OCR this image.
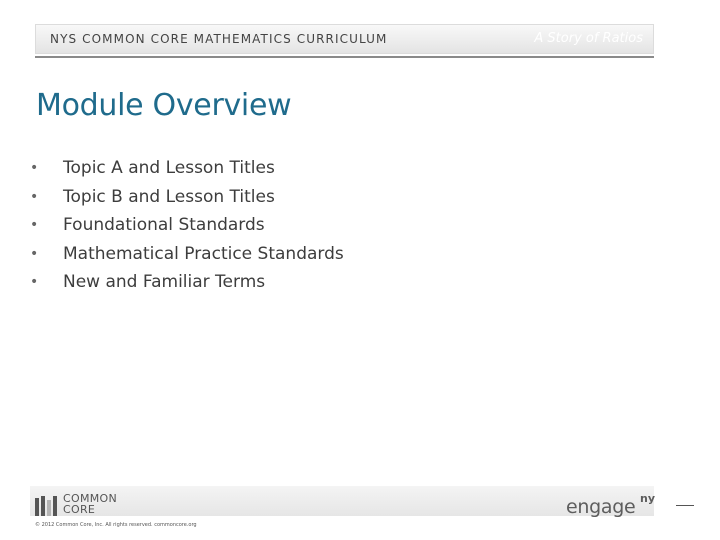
NYS COMMON CORE MATHEMATICS CURRICULUM	A Story of Ratios
Module Overview
• Topic A and Lesson Titles
• Topic B and Lesson Titles
• Foundational Standards
• Mathematical Practice Standards
• New and Familiar Terms
COMMON
CORE
© 2012 Common Core, Inc. All rights reserved. commoncore.org
engage ny
